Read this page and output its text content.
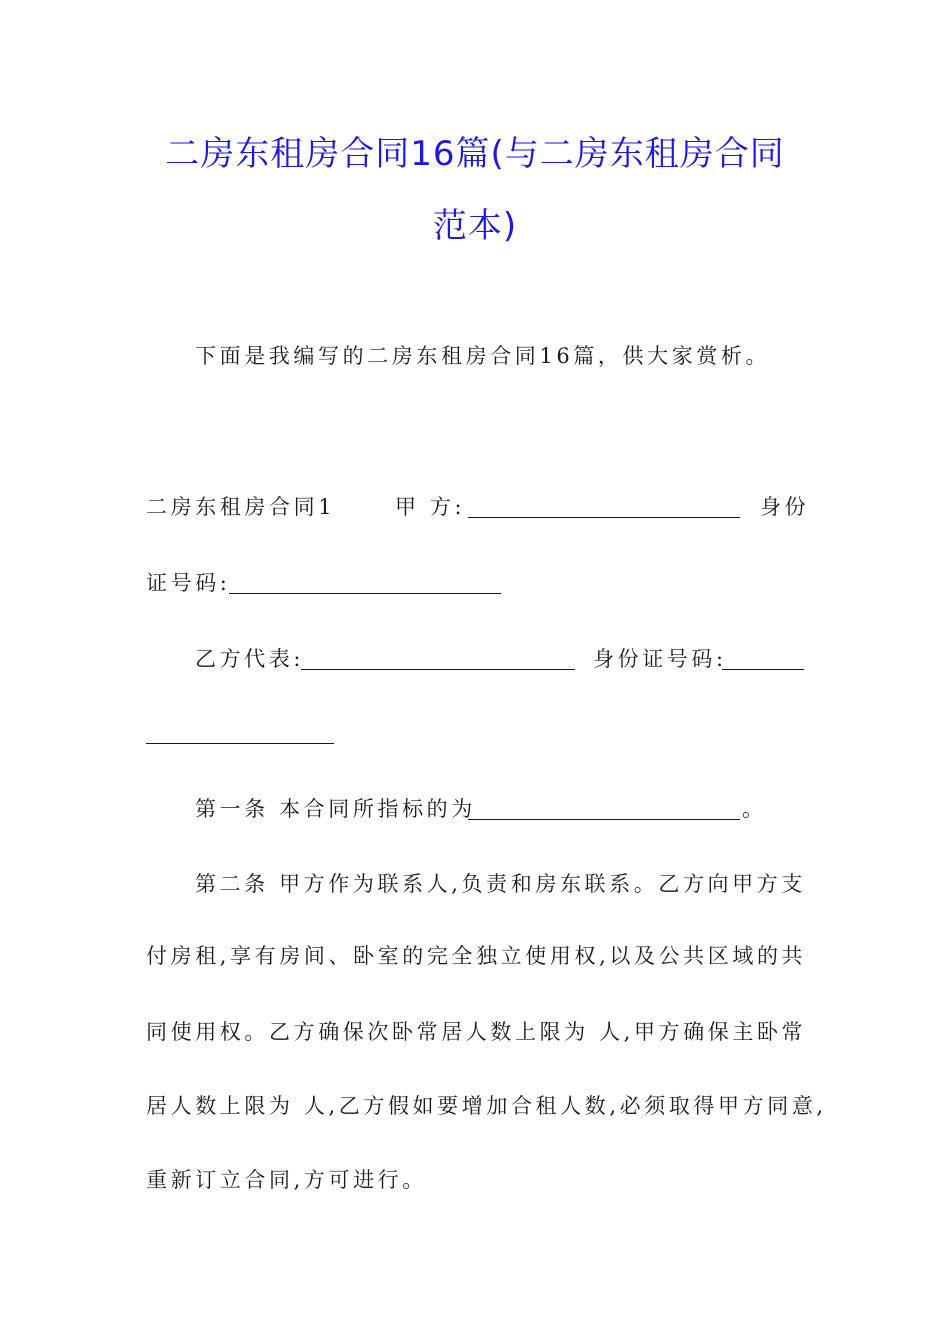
二房东租房合同16篇(与二房东租房合同
范本)
下面是我编写的二房东租房合同16篇，供大家赏析。
二房东租房合同1	甲 方:	身份
证号码:
乙方代表:	身份证号码:
第一条 本合同所指标的为	。
第二条 甲方作为联系人,负责和房东联系。乙方向甲方支
付房租,享有房间、卧室的完全独立使用权,以及公共区域的共
同使用权。乙方确保次卧常居人数上限为 人,甲方确保主卧常
居人数上限为 人,乙方假如要增加合租人数,必须取得甲方同意,
重新订立合同,方可进行。
